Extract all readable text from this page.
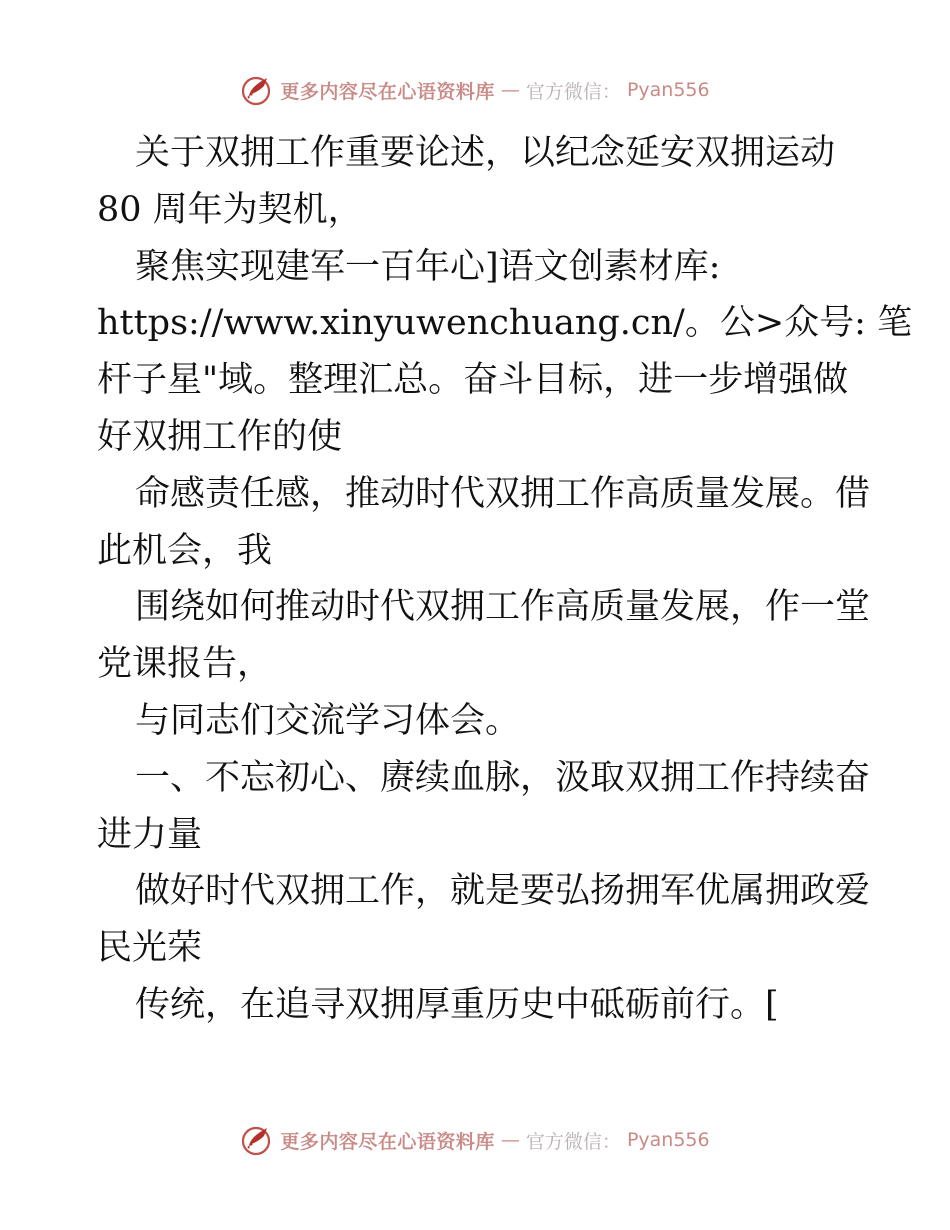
更多内容尽在心语资料库 — 官方微信： Pyan556
关于双拥工作重要论述，以纪念延安双拥运动
80 周年为契机，
聚焦实现建军一百年心]语文创素材库:
https://www.xinyuwenchuang.cn/。公>众号: 笔
杆子星"域。整理汇总。奋斗目标，进一步增强做
好双拥工作的使
命感责任感，推动时代双拥工作高质量发展。借
此机会，我
围绕如何推动时代双拥工作高质量发展，作一堂
党课报告，
与同志们交流学习体会。
一、不忘初心、赓续血脉，汲取双拥工作持续奋
进力量
做好时代双拥工作，就是要弘扬拥军优属拥政爱
民光荣
传统，在追寻双拥厚重历史中砥砺前行。[
更多内容尽在心语资料库 — 官方微信： Pyan556
